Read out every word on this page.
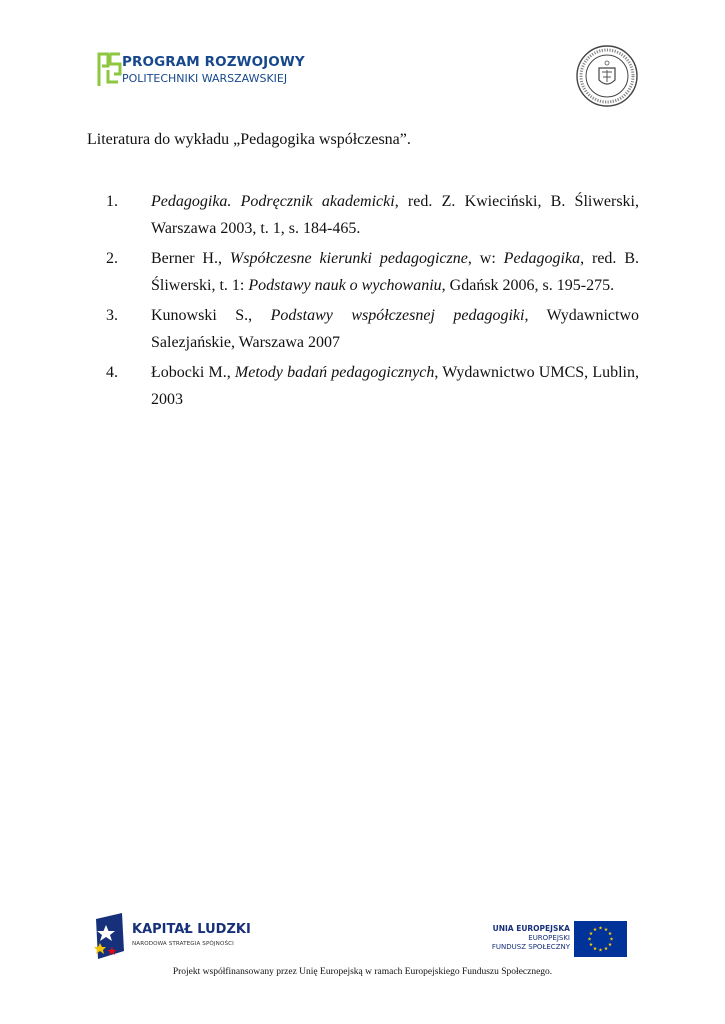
PROGRAM ROZWOJOWY
POLITECHNIKI WARSZAWSKIEJ
Literatura do wykładu „Pedagogika współczesna”.
1. Pedagogika. Podręcznik akademicki, red. Z. Kwieciński, B. Śliwerski, Warszawa 2003, t. 1, s. 184-465.
2. Berner H., Współczesne kierunki pedagogiczne, w: Pedagogika, red. B. Śliwerski, t. 1: Podstawy nauk o wychowaniu, Gdańsk 2006, s. 195-275.
3. Kunowski S., Podstawy współczesnej pedagogiki, Wydawnictwo Salezjańskie, Warszawa 2007
4. Łobocki M., Metody badań pedagogicznych, Wydawnictwo UMCS, Lublin, 2003
KAPITAŁ LUDZKI
NARODOWA STRATEGIA SPÓJNOŚCI
UNIA EUROPEJSKA
EUROPEJSKI
FUNDUSZ SPOŁECZNY
Projekt współfinansowany przez Unię Europejską w ramach Europejskiego Funduszu Społecznego.
